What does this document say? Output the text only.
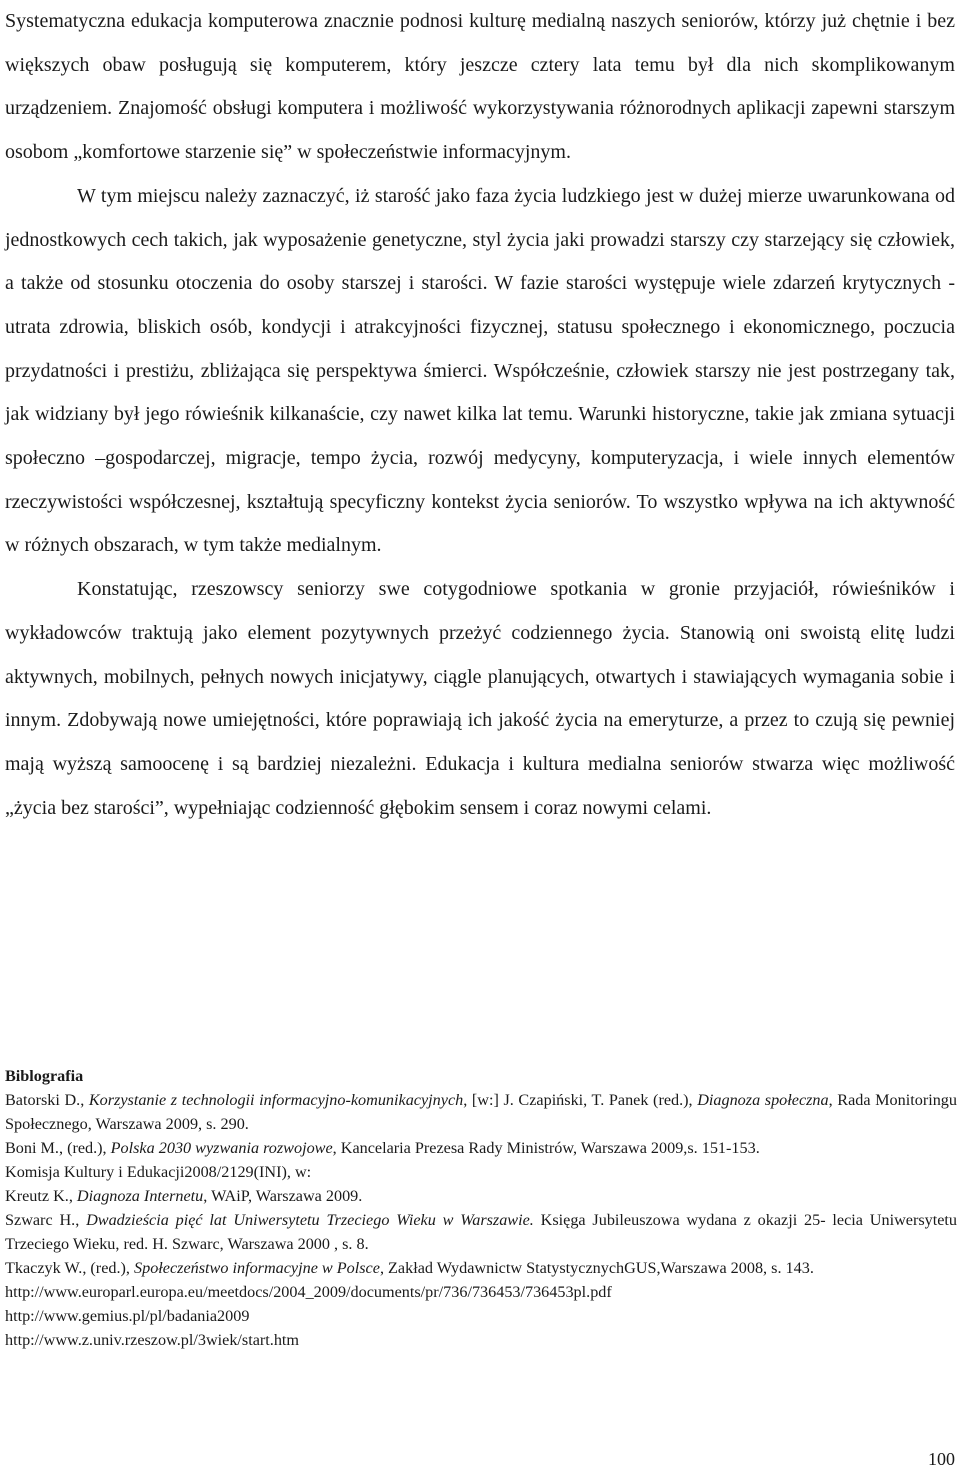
Systematyczna edukacja komputerowa znacznie podnosi kulturę medialną naszych seniorów, którzy już chętnie i bez większych obaw posługują się komputerem, który jeszcze cztery lata temu był dla nich skomplikowanym urządzeniem. Znajomość obsługi komputera i możliwość wykorzystywania różnorodnych aplikacji zapewni starszym osobom „komfortowe starzenie się” w społeczeństwie informacyjnym.

W tym miejscu należy zaznaczyć, iż starość jako faza życia ludzkiego jest w dużej mierze uwarunkowana od jednostkowych cech takich, jak wyposażenie genetyczne, styl życia jaki prowadzi starszy czy starzejący się człowiek, a także od stosunku otoczenia do osoby starszej i starości. W fazie starości występuje wiele zdarzeń krytycznych - utrata zdrowia, bliskich osób, kondycji i atrakcyjności fizycznej, statusu społecznego i ekonomicznego, poczucia przydatności i prestiżu, zbliżająca się perspektywa śmierci. Współcześnie, człowiek starszy nie jest postrzegany tak, jak widziany był jego rówieśnik kilkanaście, czy nawet kilka lat temu. Warunki historyczne, takie jak zmiana sytuacji społeczno –gospodarczej, migracje, tempo życia, rozwój medycyny, komputeryzacja, i wiele innych elementów rzeczywistości współczesnej, kształtują specyficzny kontekst życia seniorów. To wszystko wpływa na ich aktywność w różnych obszarach, w tym także medialnym.

Konstatując, rzeszowscy seniorzy swe cotygodniowe spotkania w gronie przyjaciół, rówieśników i wykładowców traktują jako element pozytywnych przeżyć codziennego życia. Stanowią oni swoistą elitę ludzi aktywnych, mobilnych, pełnych nowych inicjatywy, ciągle planujących, otwartych i stawiających wymagania sobie i innym. Zdobywają nowe umiejętności, które poprawiają ich jakość życia na emeryturze, a przez to czują się pewniej mają wyższą samoocenę i są bardziej niezależni. Edukacja i kultura medialna seniorów stwarza więc możliwość „życia bez starości”, wypełniając codzienność głębokim sensem i coraz nowymi celami.

Biblografia

Batorski D., Korzystanie z technologii informacyjno-komunikacyjnych, [w:] J. Czapiński, T. Panek (red.), Diagnoza społeczna, Rada Monitoringu Społecznego, Warszawa 2009, s. 290.

Boni M., (red.), Polska 2030 wyzwania rozwojowe, Kancelaria Prezesa Rady Ministrów, Warszawa 2009,s. 151-153.

Komisja Kultury i Edukacji2008/2129(INI), w:

Kreutz K., Diagnoza Internetu, WAiP, Warszawa 2009.

Szwarc H., Dwadzieścia pięć lat Uniwersytetu Trzeciego Wieku w Warszawie. Księga Jubileuszowa wydana z okazji 25- lecia Uniwersytetu Trzeciego Wieku, red. H. Szwarc, Warszawa 2000 , s. 8.

Tkaczyk W., (red.), Społeczeństwo informacyjne w Polsce, Zakład Wydawnictw StatystycznychGUS,Warszawa 2008, s. 143.

http://www.europarl.europa.eu/meetdocs/2004_2009/documents/pr/736/736453/736453pl.pdf

http://www.gemius.pl/pl/badania2009

http://www.z.univ.rzeszow.pl/3wiek/start.htm

100
